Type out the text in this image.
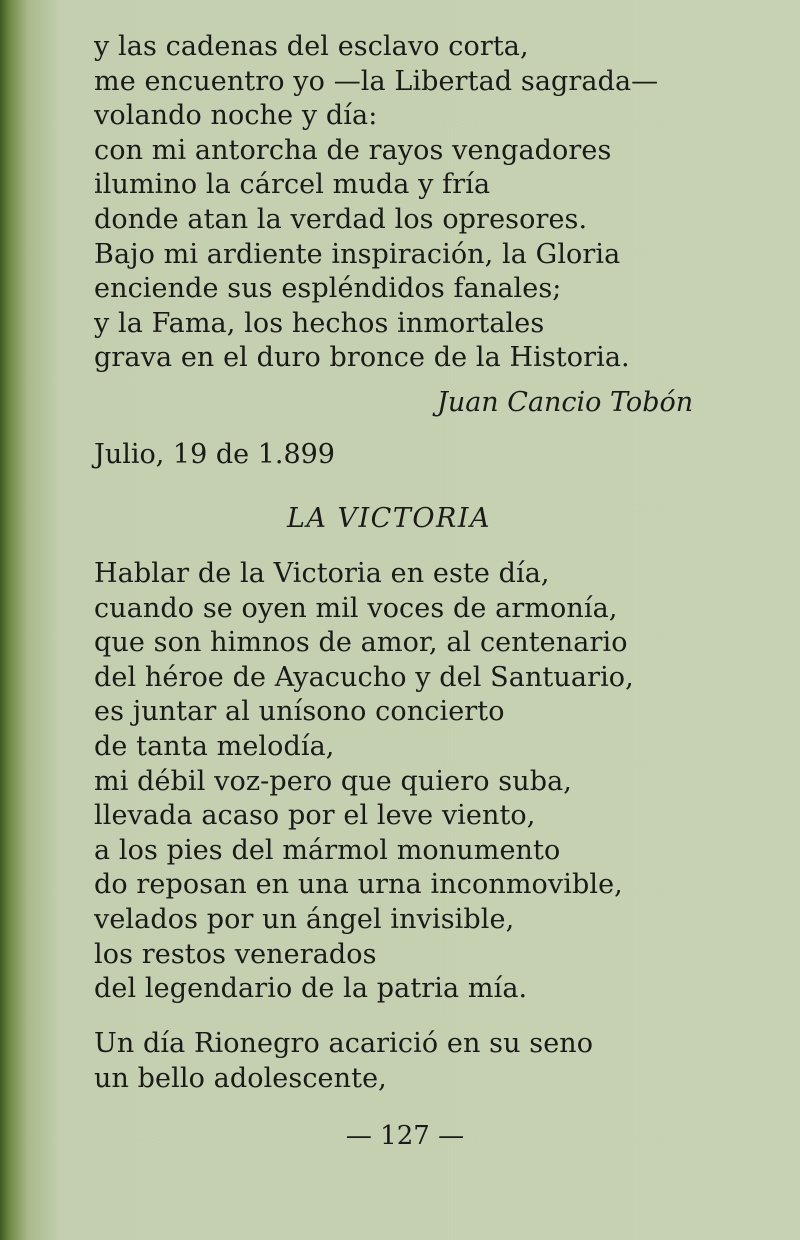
y las cadenas del esclavo corta,
me encuentro yo —la Libertad sagrada—
volando noche y día:
con mi antorcha de rayos vengadores
ilumino la cárcel muda y fría
donde atan la verdad los opresores.
Bajo mi ardiente inspiración, la Gloria
enciende sus espléndidos fanales;
y la Fama, los hechos inmortales
grava en el duro bronce de la Historia.
Juan Cancio Tobón
Julio, 19 de 1.899
LA VICTORIA
Hablar de la Victoria en este día,
cuando se oyen mil voces de armonía,
que son himnos de amor, al centenario
del héroe de Ayacucho y del Santuario,
es juntar al unísono concierto
de tanta melodía,
mi débil voz-pero que quiero suba,
llevada acaso por el leve viento,
a los pies del mármol monumento
do reposan en una urna inconmovible,
velados por un ángel invisible,
los restos venerados
del legendario de la patria mía.
Un día Rionegro acarició en su seno
un bello adolescente,
— 127 —
